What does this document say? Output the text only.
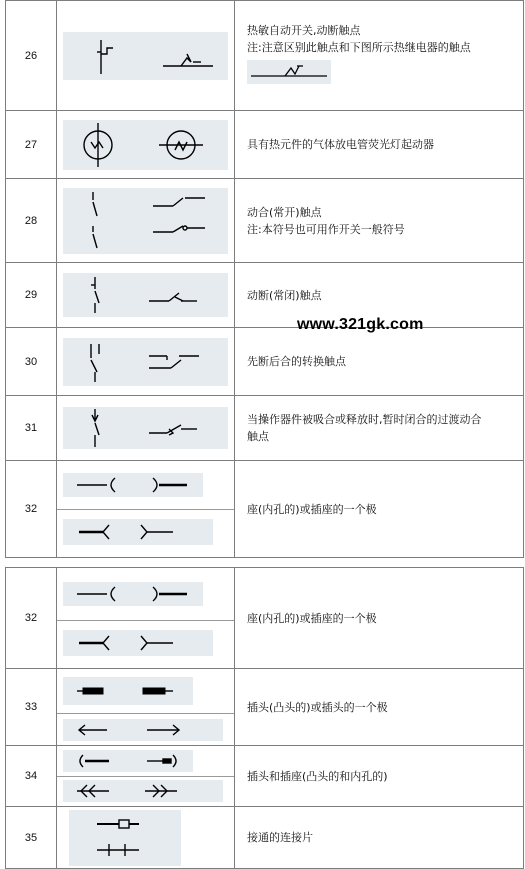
26		热敏自动开关,动断触点
注:注意区别此触点和下图所示热继电器的触点

27		具有热元件的气体放电管荧光灯起动器

28		动合(常开)触点
注:本符号也可用作开关一般符号

29		动断(常闭)触点

30		先断后合的转换触点

31		当操作器件被吸合或释放时,暂时闭合的过渡动合
触点

32		座(内孔的)或插座的一个极
32		座(内孔的)或插座的一个极

33		插头(凸头的)或插头的一个极

34		插头和插座(凸头的和内孔的)

35		接通的连接片
www.321gk.com
